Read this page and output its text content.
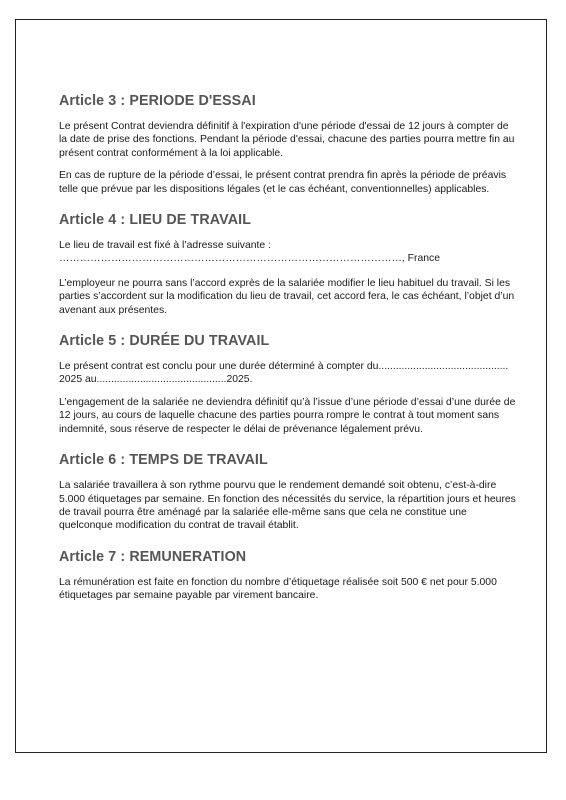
Article 3 : PERIODE D'ESSAI

Le présent Contrat deviendra définitif à l'expiration d'une période d'essai de 12 jours à compter de la date de prise des fonctions. Pendant la période d'essai, chacune des parties pourra mettre fin au présent contrat conformément à la loi applicable.

En cas de rupture de la période d’essai, le présent contrat prendra fin après la période de préavis telle que prévue par les dispositions légales (et le cas échéant, conventionnelles) applicables.

Article 4 : LIEU DE TRAVAIL

Le lieu de travail est fixé à l’adresse suivante :
………………………………………………………………………………………, France

L’employeur ne pourra sans l’accord exprès de la salariée modifier le lieu habituel du travail. Si les parties s’accordent sur la modification du lieu de travail, cet accord fera, le cas échéant, l’objet d’un avenant aux présentes.

Article 5 : DURÉE DU TRAVAIL

Le présent contrat est conclu pour une durée déterminé à compter du............................................. 2025 au.............................................2025.

L’engagement de la salariée ne deviendra définitif qu’à l’issue d’une période d’essai d’une durée de 12 jours, au cours de laquelle chacune des parties pourra rompre le contrat à tout moment sans indemnité, sous réserve de respecter le délai de prévenance légalement prévu.

Article 6 : TEMPS DE TRAVAIL

La salariée travaillera à son rythme pourvu que le rendement demandé soit obtenu, c’est-à-dire 5.000 étiquetages par semaine. En fonction des nécessités du service, la répartition jours et heures de travail pourra être aménagé par la salariée elle-même sans que cela ne constitue une quelconque modification du contrat de travail établit.

Article 7 : REMUNERATION

La rémunération est faite en fonction du nombre d’étiquetage réalisée soit 500 € net pour 5.000 étiquetages par semaine payable par virement bancaire.
